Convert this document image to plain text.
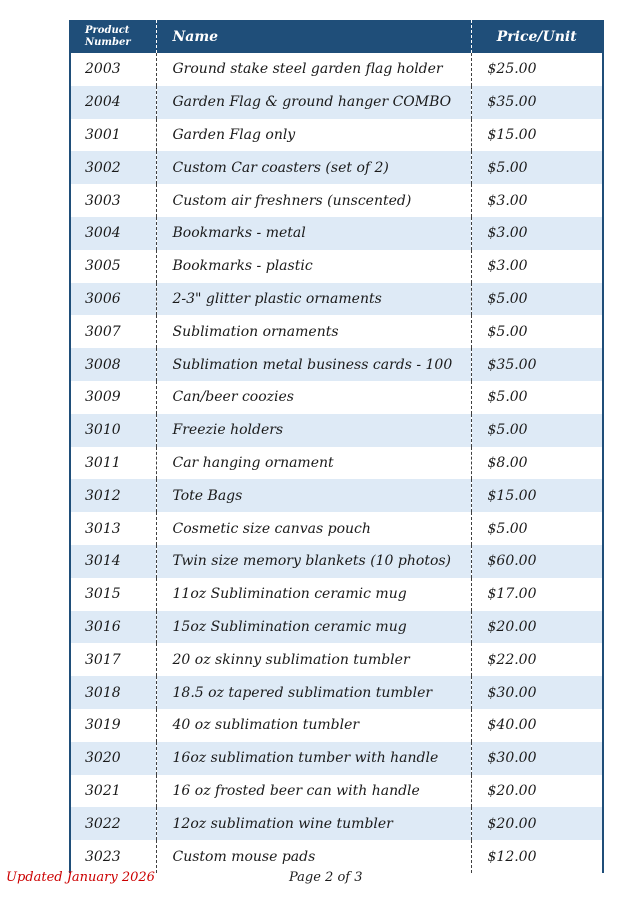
Product
Number	Name	Price/Unit
2003	Ground stake steel garden flag holder	$25.00
2004	Garden Flag & ground hanger COMBO	$35.00
3001	Garden Flag only	$15.00
3002	Custom Car coasters (set of 2)	$5.00
3003	Custom air freshners (unscented)	$3.00
3004	Bookmarks - metal	$3.00
3005	Bookmarks - plastic	$3.00
3006	2-3" glitter plastic ornaments	$5.00
3007	Sublimation ornaments	$5.00
3008	Sublimation metal business cards - 100	$35.00
3009	Can/beer coozies	$5.00
3010	Freezie holders	$5.00
3011	Car hanging ornament	$8.00
3012	Tote Bags	$15.00
3013	Cosmetic size canvas pouch	$5.00
3014	Twin size memory blankets (10 photos)	$60.00
3015	11oz Sublimination ceramic mug	$17.00
3016	15oz Sublimination ceramic mug	$20.00
3017	20 oz skinny sublimation tumbler	$22.00
3018	18.5 oz tapered sublimation tumbler	$30.00
3019	40 oz sublimation tumbler	$40.00
3020	16oz sublimation tumber with handle	$30.00
3021	16 oz frosted beer can with handle	$20.00
3022	12oz sublimation wine tumbler	$20.00
3023	Custom mouse pads	$12.00
Updated January 2026	Page 2 of 3
